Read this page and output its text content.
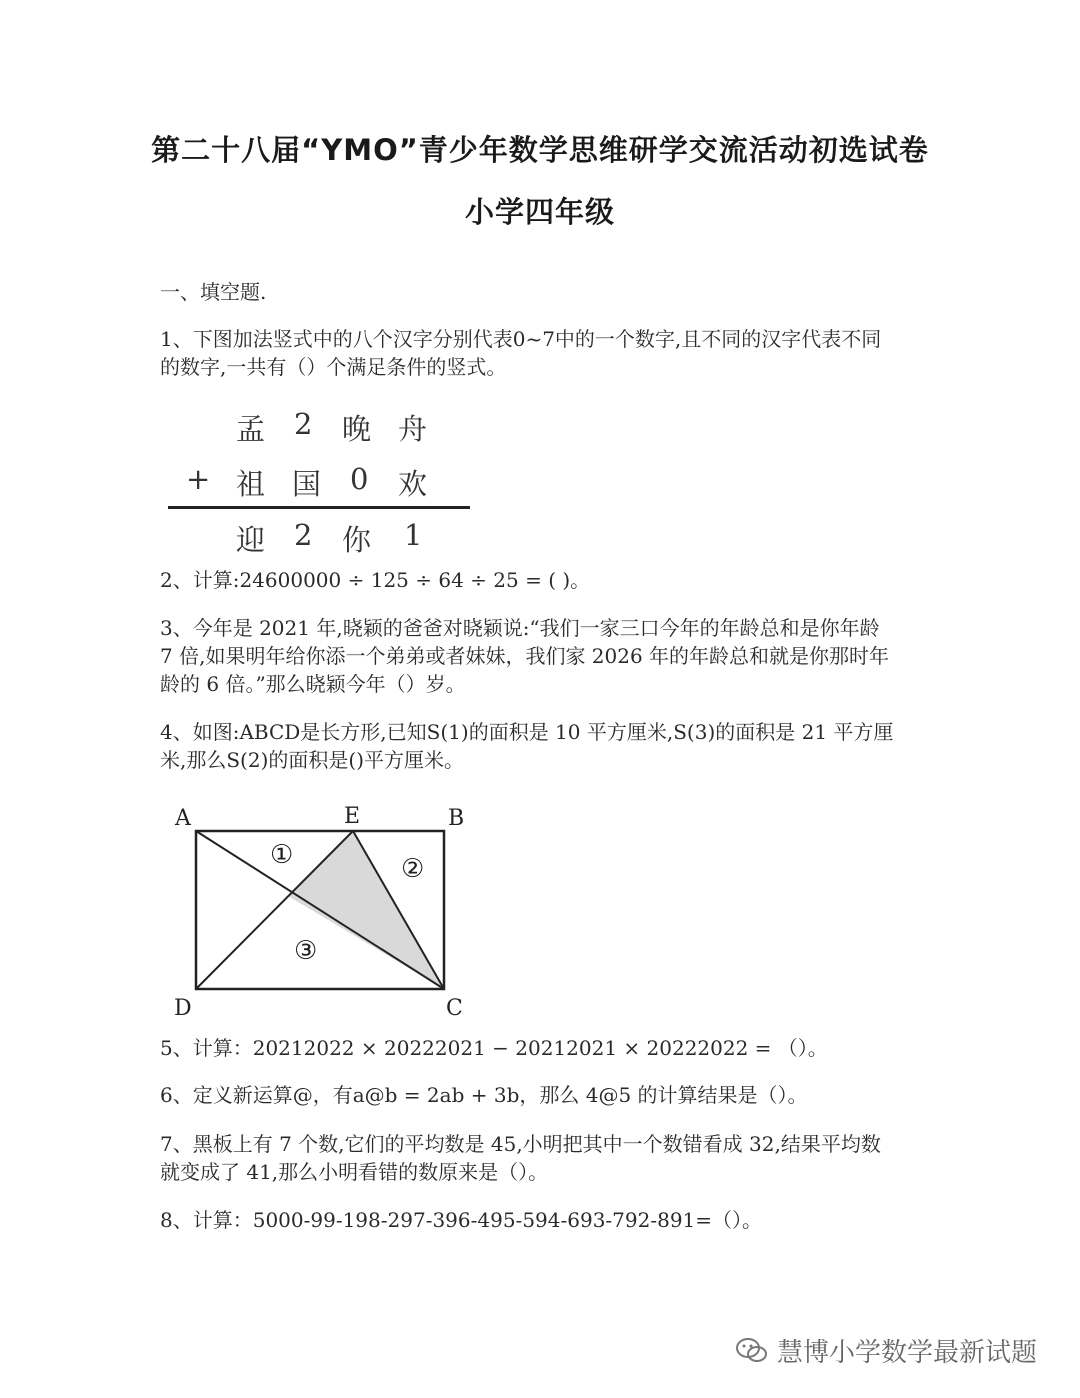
第二十八届“YMO”青少年数学思维研学交流活动初选试卷
小学四年级
一、填空题.
1、下图加法竖式中的八个汉字分别代表0~7中的一个数字,且不同的汉字代表不同
的数字,一共有（）个满足条件的竖式。
孟 2 晚 舟
+ 祖 国 0 欢
迎 2 你 1
2、计算:24600000 ÷ 125 ÷ 64 ÷ 25 = ( )。
3、今年是 2021 年,晓颖的爸爸对晓颖说:“我们一家三口今年的年龄总和是你年龄
7 倍,如果明年给你添一个弟弟或者妹妹，我们家 2026 年的年龄总和就是你那时年
龄的 6 倍。”那么晓颖今年（）岁。
4、如图:ABCD是长方形,已知S(1)的面积是 10 平方厘米,S(3)的面积是 21 平方厘
米,那么S(2)的面积是()平方厘米。
A	E	B
D	C
①	②
③
5、计算：20212022 × 20222021 − 20212021 × 20222022 = （）。
6、定义新运算@，有a@b = 2ab + 3b，那么 4@5 的计算结果是（）。
7、黑板上有 7 个数,它们的平均数是 45,小明把其中一个数错看成 32,结果平均数
就变成了 41,那么小明看错的数原来是（）。
8、计算：5000-99-198-297-396-495-594-693-792-891=（）。
慧博小学数学最新试题
